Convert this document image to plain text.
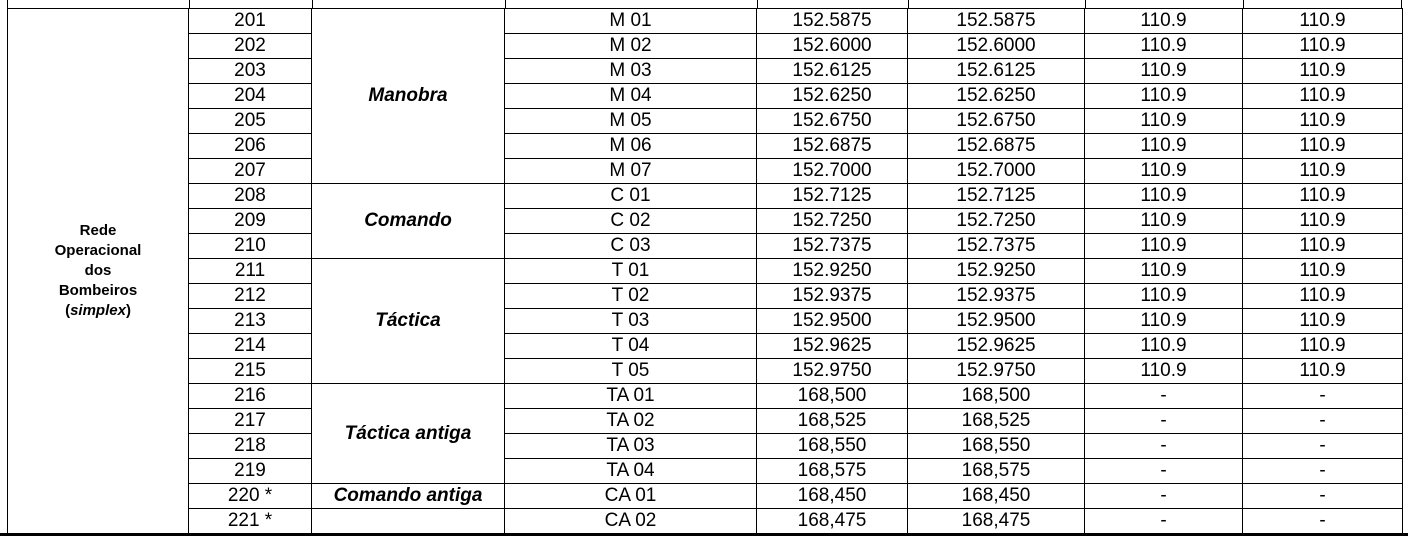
Rede
Operacional
dos
Bombeiros
(simplex)	201	Manobra	M 01	152.5875	152.5875	110.9	110.9
	202		M 02	152.6000	152.6000	110.9	110.9
	203		M 03	152.6125	152.6125	110.9	110.9
	204		M 04	152.6250	152.6250	110.9	110.9
	205		M 05	152.6750	152.6750	110.9	110.9
	206		M 06	152.6875	152.6875	110.9	110.9
	207		M 07	152.7000	152.7000	110.9	110.9
	208	Comando	C 01	152.7125	152.7125	110.9	110.9
	209		C 02	152.7250	152.7250	110.9	110.9
	210		C 03	152.7375	152.7375	110.9	110.9
	211	Táctica	T 01	152.9250	152.9250	110.9	110.9
	212		T 02	152.9375	152.9375	110.9	110.9
	213		T 03	152.9500	152.9500	110.9	110.9
	214		T 04	152.9625	152.9625	110.9	110.9
	215		T 05	152.9750	152.9750	110.9	110.9
	216	Táctica antiga	TA 01	168,500	168,500	-	-
	217		TA 02	168,525	168,525	-	-
	218		TA 03	168,550	168,550	-	-
	219		TA 04	168,575	168,575	-	-
	220 *	Comando antiga	CA 01	168,450	168,450	-	-
	221 *		CA 02	168,475	168,475	-	-
